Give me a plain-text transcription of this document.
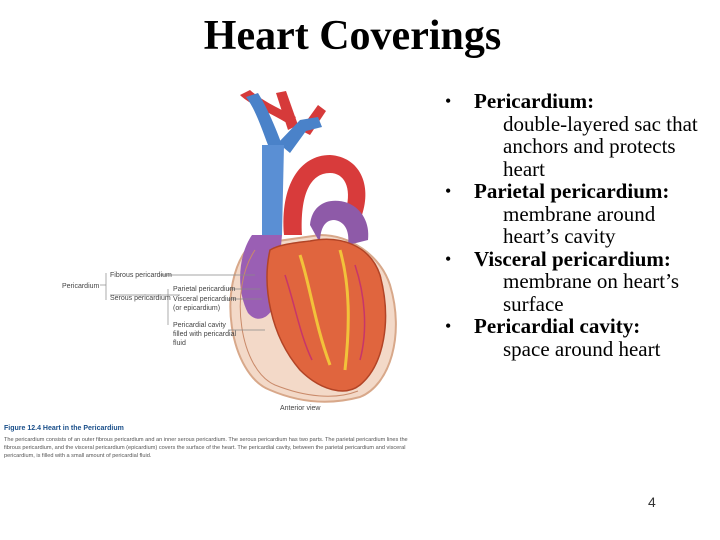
Heart Coverings
Pericardium
Fibrous pericardium
Serous pericardium
Parietal pericardium
Visceral pericardium
(or epicardium)
Pericardial cavity
filled with pericardial
fluid
Anterior view
Figure 12.4 Heart in the Pericardium
The pericardium consists of an outer fibrous pericardium and an inner serous pericardium. The serous pericardium has two parts. The parietal pericardium lines the
fibrous pericardium, and the visceral pericardium (epicardium) covers the surface of the heart. The pericardial cavity, between the parietal pericardium and visceral
pericardium, is filled with a small amount of pericardial fluid.
•	Pericardium:
double-layered sac that
anchors and protects
heart
•	Parietal pericardium:
membrane around
heart’s cavity
•	Visceral pericardium:
membrane on heart’s
surface
•	Pericardial cavity:
space around heart
4
